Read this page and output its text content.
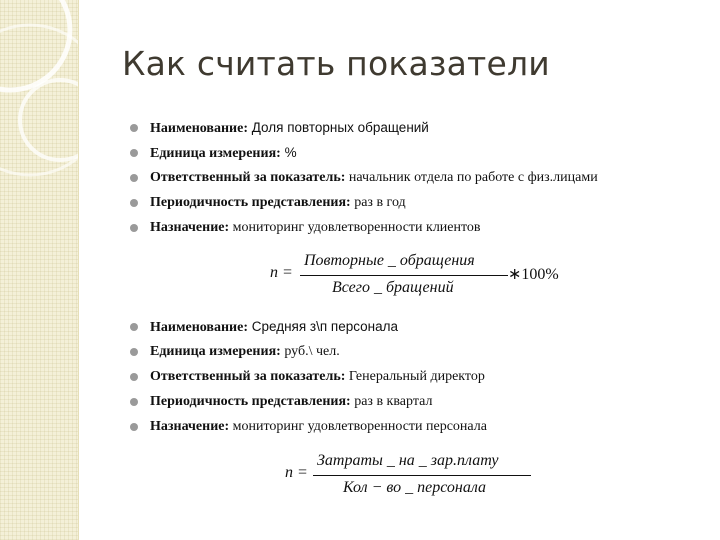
Как считать показатели
Наименование: Доля повторных обращений
Единица измерения: %
Ответственный за показатель: начальник отдела по работе с физ.лицами
Периодичность представления: раз в год
Назначение: мониторинг удовлетворенности клиентов
n =
Повторные _ обращения
Всего _ бращений
∗100%
Наименование: Средняя з\п персонала
Единица измерения: руб.\ чел.
Ответственный за показатель: Генеральный директор
Периодичность представления: раз в квартал
Назначение: мониторинг удовлетворенности персонала
n =
Затраты _ на _ зар.плату
Кол − во _ персонала
